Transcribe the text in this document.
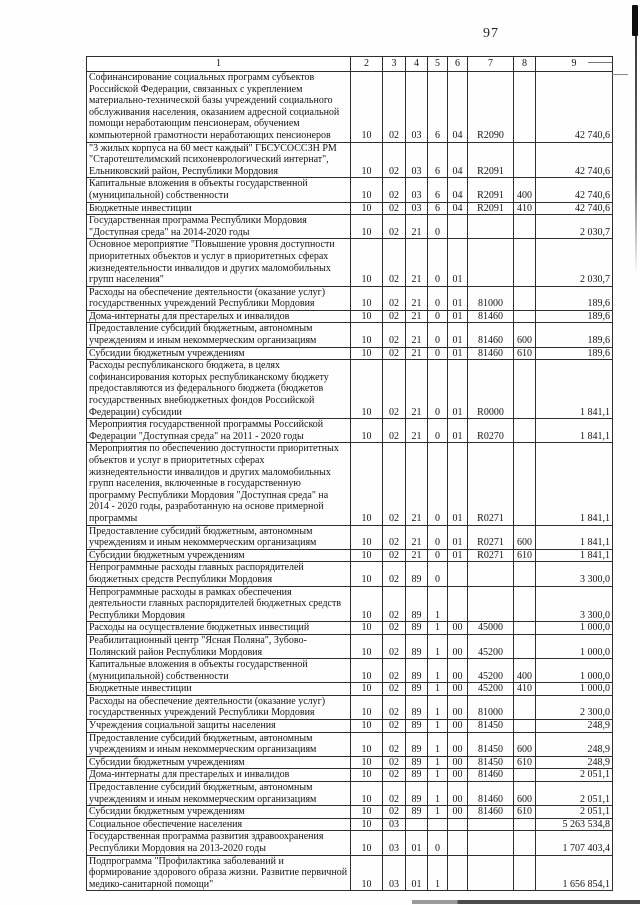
97
1	2	3	4	5	6	7	8	9
Софинансирование социальных программ субъектов Российской Федерации, связанных с укреплением материально-технической базы учреждений социального обслуживания населения, оказанием адресной социальной помощи неработающим пенсионерам, обучением компьютерной грамотности неработающих пенсионеров	10	02	03	6	04	R2090		42 740,6
"3 жилых корпуса на 60 мест каждый" ГБСУСОССЗН РМ "Старотештелимский психоневрологический интернат", Ельниковский район, Республики Мордовия	10	02	03	6	04	R2091		42 740,6
Капитальные вложения в объекты государственной (муниципальной) собственности	10	02	03	6	04	R2091	400	42 740,6
Бюджетные инвестиции	10	02	03	6	04	R2091	410	42 740,6
Государственная программа Республики Мордовия "Доступная среда" на 2014-2020 годы	10	02	21	0				2 030,7
Основное мероприятие "Повышение уровня доступности приоритетных объектов и услуг в приоритетных сферах жизнедеятельности инвалидов и других маломобильных групп населения"	10	02	21	0	01			2 030,7
Расходы на обеспечение деятельности (оказание услуг) государственных учреждений Республики Мордовия	10	02	21	0	01	81000		189,6
Дома-интернаты для престарелых и инвалидов	10	02	21	0	01	81460		189,6
Предоставление субсидий бюджетным, автономным учреждениям и иным некоммерческим организациям	10	02	21	0	01	81460	600	189,6
Субсидии бюджетным учреждениям	10	02	21	0	01	81460	610	189,6
Расходы республиканского бюджета, в целях софинансирования которых республиканскому бюджету предоставляются из федерального бюджета (бюджетов государственных внебюджетных фондов Российской Федерации) субсидии	10	02	21	0	01	R0000		1 841,1
Мероприятия государственной программы Российской Федерации "Доступная среда" на 2011 - 2020 годы	10	02	21	0	01	R0270		1 841,1
Мероприятия по обеспечению доступности приоритетных объектов и услуг в приоритетных сферах жизнедеятельности инвалидов и других маломобильных групп населения, включенные в государственную программу Республики Мордовия "Доступная среда" на 2014 - 2020 годы, разработанную на основе примерной программы	10	02	21	0	01	R0271		1 841,1
Предоставление субсидий бюджетным, автономным учреждениям и иным некоммерческим организациям	10	02	21	0	01	R0271	600	1 841,1
Субсидии бюджетным учреждениям	10	02	21	0	01	R0271	610	1 841,1
Непрограммные расходы главных распорядителей бюджетных средств Республики Мордовия	10	02	89	0				3 300,0
Непрограммные расходы в рамках обеспечения деятельности главных распорядителей бюджетных средств Республики Мордовия	10	02	89	1				3 300,0
Расходы на осуществление бюджетных инвестиций	10	02	89	1	00	45000		1 000,0
Реабилитационный центр "Ясная Поляна", Зубово-Полянский район Республики Мордовия	10	02	89	1	00	45200		1 000,0
Капитальные вложения в объекты государственной (муниципальной) собственности	10	02	89	1	00	45200	400	1 000,0
Бюджетные инвестиции	10	02	89	1	00	45200	410	1 000,0
Расходы на обеспечение деятельности (оказание услуг) государственных учреждений Республики Мордовия	10	02	89	1	00	81000		2 300,0
Учреждения социальной защиты населения	10	02	89	1	00	81450		248,9
Предоставление субсидий бюджетным, автономным учреждениям и иным некоммерческим организациям	10	02	89	1	00	81450	600	248,9
Субсидии бюджетным учреждениям	10	02	89	1	00	81450	610	248,9
Дома-интернаты для престарелых и инвалидов	10	02	89	1	00	81460		2 051,1
Предоставление субсидий бюджетным, автономным учреждениям и иным некоммерческим организациям	10	02	89	1	00	81460	600	2 051,1
Субсидии бюджетным учреждениям	10	02	89	1	00	81460	610	2 051,1
Социальное обеспечение населения	10	03						5 263 534,8
Государственная программа развития здравоохранения Республики Мордовия на 2013-2020 годы	10	03	01	0				1 707 403,4
Подпрограмма "Профилактика заболеваний и формирование здорового образа жизни. Развитие первичной медико-санитарной помощи"	10	03	01	1				1 656 854,1
